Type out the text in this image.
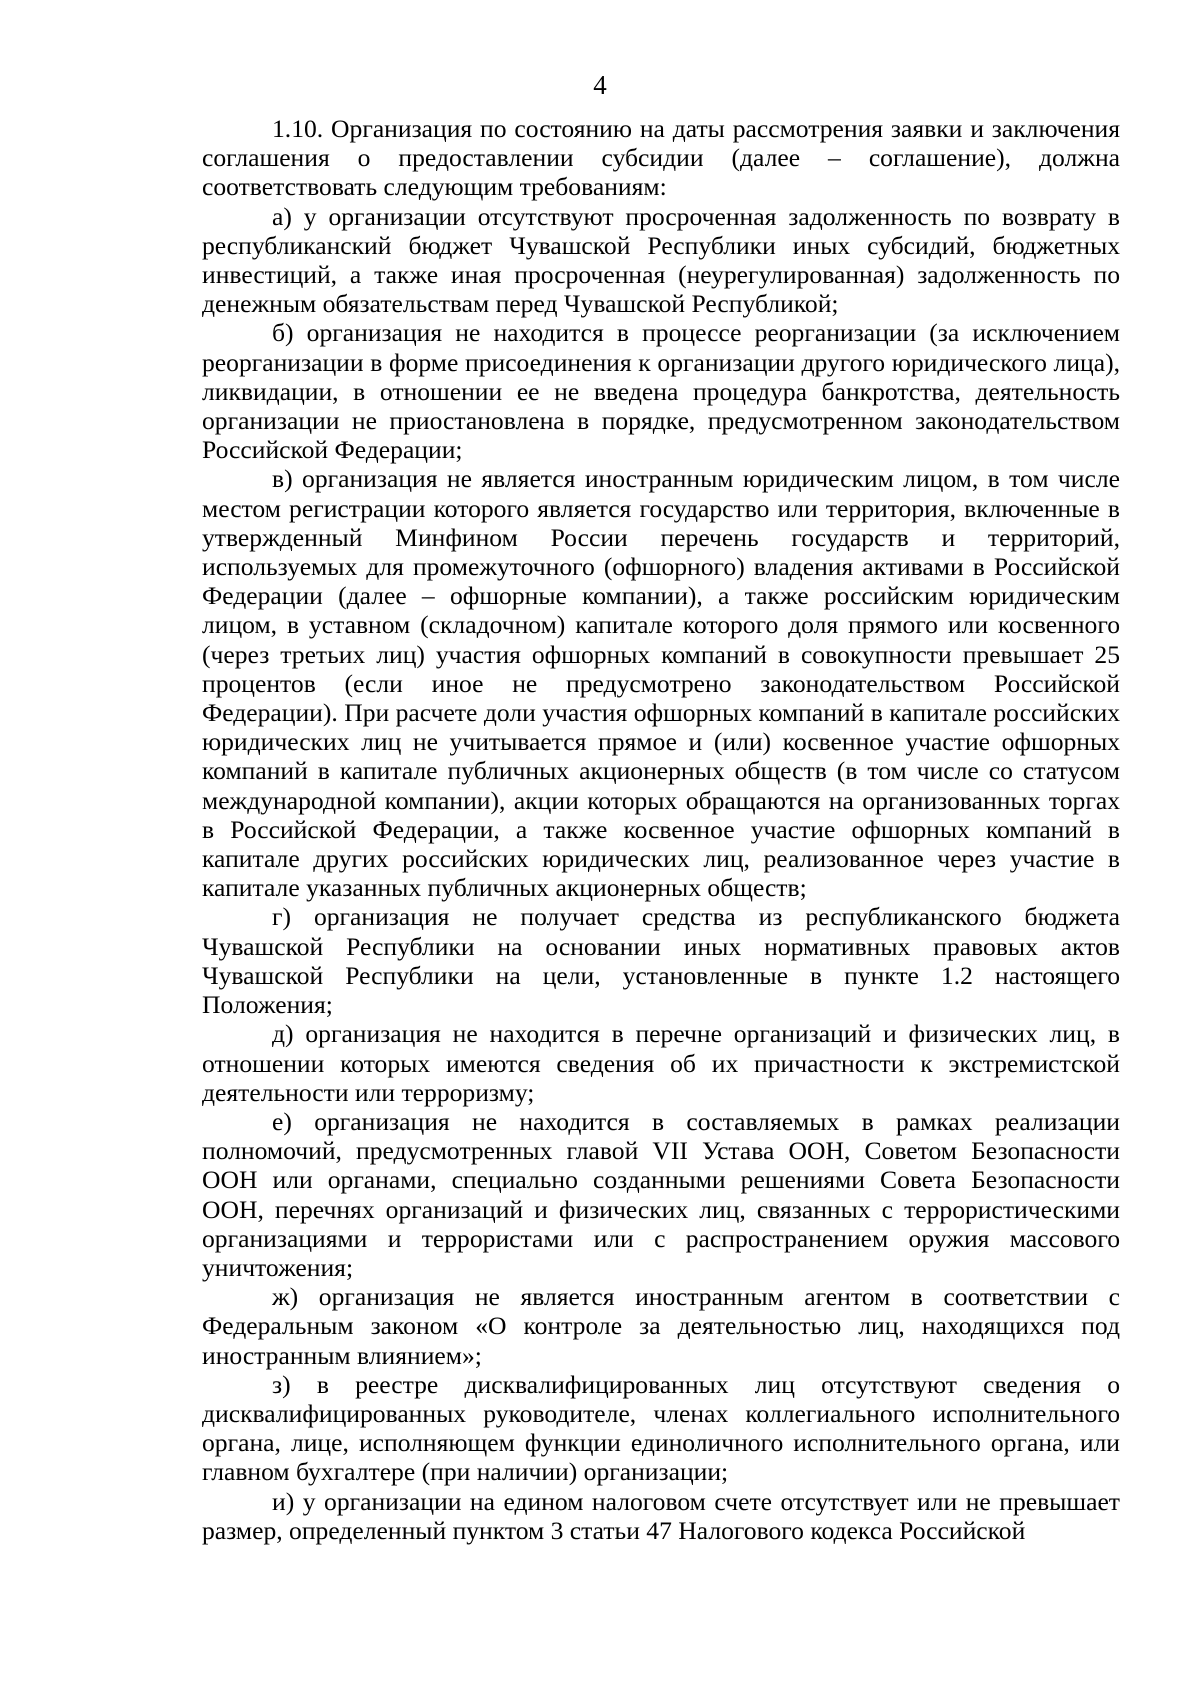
4

1.10. Организация по состоянию на даты рассмотрения заявки и заключения соглашения о предоставлении субсидии (далее – соглашение), должна соответствовать следующим требованиям:

а) у организации отсутствуют просроченная задолженность по возврату в республиканский бюджет Чувашской Республики иных субсидий, бюджетных инвестиций, а также иная просроченная (неурегулированная) задолженность по денежным обязательствам перед Чувашской Республикой;

б) организация не находится в процессе реорганизации (за исключением реорганизации в форме присоединения к организации другого юридического лица), ликвидации, в отношении ее не введена процедура банкротства, деятельность организации не приостановлена в порядке, предусмотренном законодательством Российской Федерации;

в) организация не является иностранным юридическим лицом, в том числе местом регистрации которого является государство или территория, включенные в утвержденный Минфином России перечень государств и территорий, используемых для промежуточного (офшорного) владения активами в Российской Федерации (далее – офшорные компании), а также российским юридическим лицом, в уставном (складочном) капитале которого доля прямого или косвенного (через третьих лиц) участия офшорных компаний в совокупности превышает 25 процентов (если иное не предусмотрено законодательством Российской Федерации). При расчете доли участия офшорных компаний в капитале российских юридических лиц не учитывается прямое и (или) косвенное участие офшорных компаний в капитале публичных акционерных обществ (в том числе со статусом международной компании), акции которых обращаются на организованных торгах в Российской Федерации, а также косвенное участие офшорных компаний в капитале других российских юридических лиц, реализованное через участие в капитале указанных публичных акционерных обществ;

г) организация не получает средства из республиканского бюджета Чувашской Республики на основании иных нормативных правовых актов Чувашской Республики на цели, установленные в пункте 1.2 настоящего Положения;

д) организация не находится в перечне организаций и физических лиц, в отношении которых имеются сведения об их причастности к экстремистской деятельности или терроризму;

е) организация не находится в составляемых в рамках реализации полномочий, предусмотренных главой VII Устава ООН, Советом Безопасности ООН или органами, специально созданными решениями Совета Безопасности ООН, перечнях организаций и физических лиц, связанных с террористическими организациями и террористами или с распространением оружия массового уничтожения;

ж) организация не является иностранным агентом в соответствии с Федеральным законом «О контроле за деятельностью лиц, находящихся под иностранным влиянием»;

з) в реестре дисквалифицированных лиц отсутствуют сведения о дисквалифицированных руководителе, членах коллегиального исполнительного органа, лице, исполняющем функции единоличного исполнительного органа, или главном бухгалтере (при наличии) организации;

и) у организации на едином налоговом счете отсутствует или не превышает размер, определенный пунктом 3 статьи 47 Налогового кодекса Российской
